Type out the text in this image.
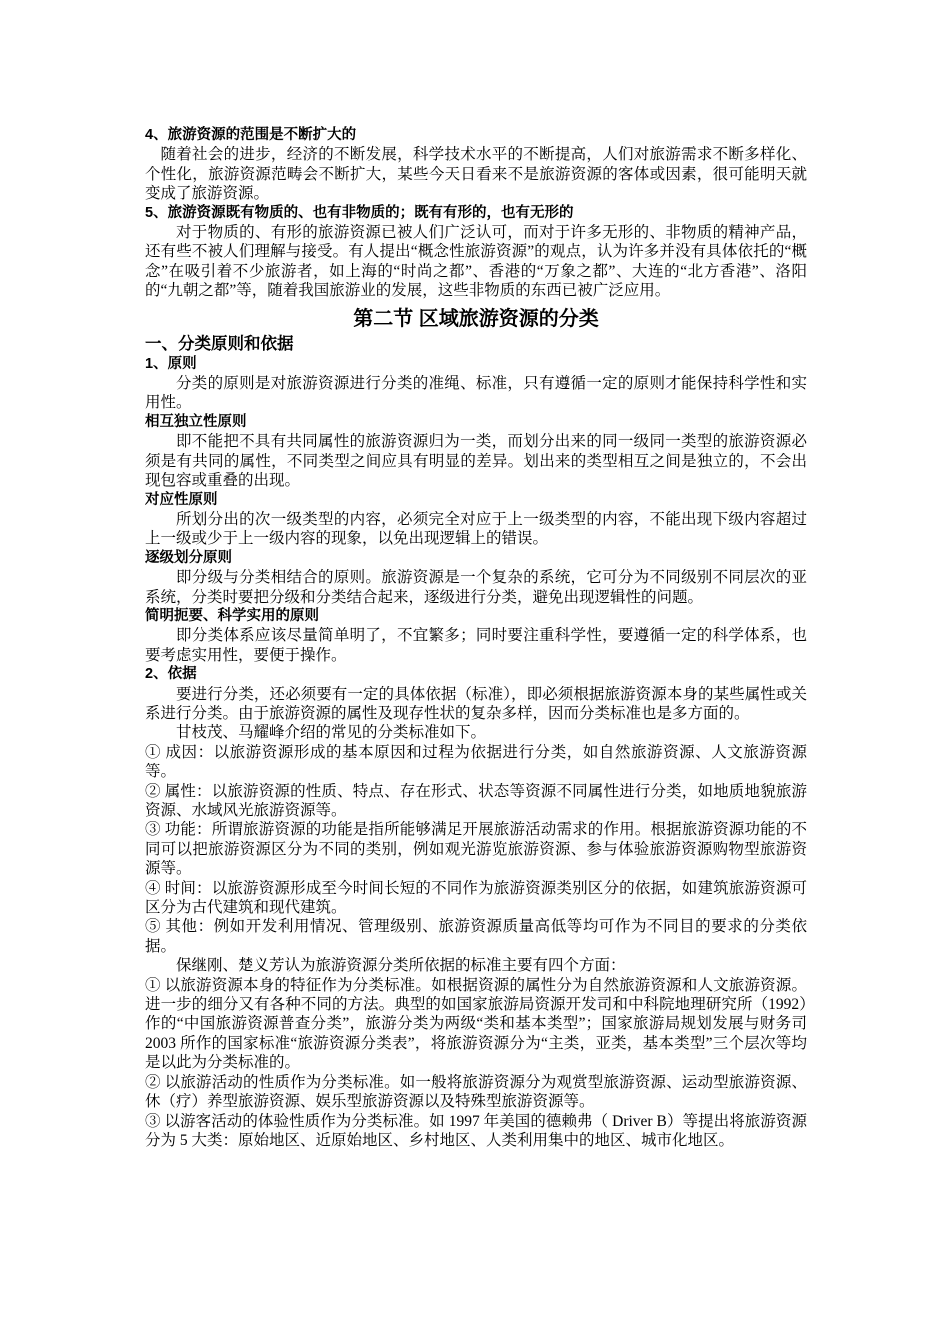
4、旅游资源的范围是不断扩大的

随着社会的进步，经济的不断发展，科学技术水平的不断提高，人们对旅游需求不断多样化、个性化，旅游资源范畴会不断扩大，某些今天日看来不是旅游资源的客体或因素，很可能明天就变成了旅游资源。

5、旅游资源既有物质的、也有非物质的；既有有形的，也有无形的

对于物质的、有形的旅游资源已被人们广泛认可，而对于许多无形的、非物质的精神产品，还有些不被人们理解与接受。有人提出“概念性旅游资源”的观点，认为许多并没有具体依托的“概念”在吸引着不少旅游者，如上海的“时尚之都”、香港的“万象之都”、大连的“北方香港”、洛阳的“九朝之都”等，随着我国旅游业的发展，这些非物质的东西已被广泛应用。

第二节 区域旅游资源的分类

一、分类原则和依据

1、原则

分类的原则是对旅游资源进行分类的准绳、标准，只有遵循一定的原则才能保持科学性和实用性。

相互独立性原则

即不能把不具有共同属性的旅游资源归为一类，而划分出来的同一级同一类型的旅游资源必须是有共同的属性，不同类型之间应具有明显的差异。划出来的类型相互之间是独立的，不会出现包容或重叠的出现。

对应性原则

所划分出的次一级类型的内容，必须完全对应于上一级类型的内容，不能出现下级内容超过上一级或少于上一级内容的现象，以免出现逻辑上的错误。

逐级划分原则

即分级与分类相结合的原则。旅游资源是一个复杂的系统，它可分为不同级别不同层次的亚系统，分类时要把分级和分类结合起来，逐级进行分类，避免出现逻辑性的问题。

简明扼要、科学实用的原则

即分类体系应该尽量简单明了，不宜繁多；同时要注重科学性，要遵循一定的科学体系，也要考虑实用性，要便于操作。

2、依据

要进行分类，还必须要有一定的具体依据（标准），即必须根据旅游资源本身的某些属性或关系进行分类。由于旅游资源的属性及现存性状的复杂多样，因而分类标准也是多方面的。

甘枝茂、马耀峰介绍的常见的分类标准如下。

① 成因：以旅游资源形成的基本原因和过程为依据进行分类，如自然旅游资源、人文旅游资源等。

② 属性：以旅游资源的性质、特点、存在形式、状态等资源不同属性进行分类，如地质地貌旅游资源、水域风光旅游资源等。

③ 功能：所谓旅游资源的功能是指所能够满足开展旅游活动需求的作用。根据旅游资源功能的不同可以把旅游资源区分为不同的类别，例如观光游览旅游资源、参与体验旅游资源购物型旅游资源等。

④ 时间：以旅游资源形成至今时间长短的不同作为旅游资源类别区分的依据，如建筑旅游资源可区分为古代建筑和现代建筑。

⑤ 其他：例如开发利用情况、管理级别、旅游资源质量高低等均可作为不同目的要求的分类依据。

保继刚、楚义芳认为旅游资源分类所依据的标准主要有四个方面：

① 以旅游资源本身的特征作为分类标准。如根据资源的属性分为自然旅游资源和人文旅游资源。进一步的细分又有各种不同的方法。典型的如国家旅游局资源开发司和中科院地理研究所（1992）作的“中国旅游资源普查分类”，旅游分类为两级“类和基本类型”；国家旅游局规划发展与财务司 2003 所作的国家标准“旅游资源分类表”，将旅游资源分为“主类，亚类，基本类型”三个层次等均是以此为分类标准的。

② 以旅游活动的性质作为分类标准。如一般将旅游资源分为观赏型旅游资源、运动型旅游资源、休（疗）养型旅游资源、娱乐型旅游资源以及特殊型旅游资源等。

③ 以游客活动的体验性质作为分类标准。如 1997 年美国的德赖弗（ Driver B）等提出将旅游资源分为 5 大类：原始地区、近原始地区、乡村地区、人类利用集中的地区、城市化地区。
